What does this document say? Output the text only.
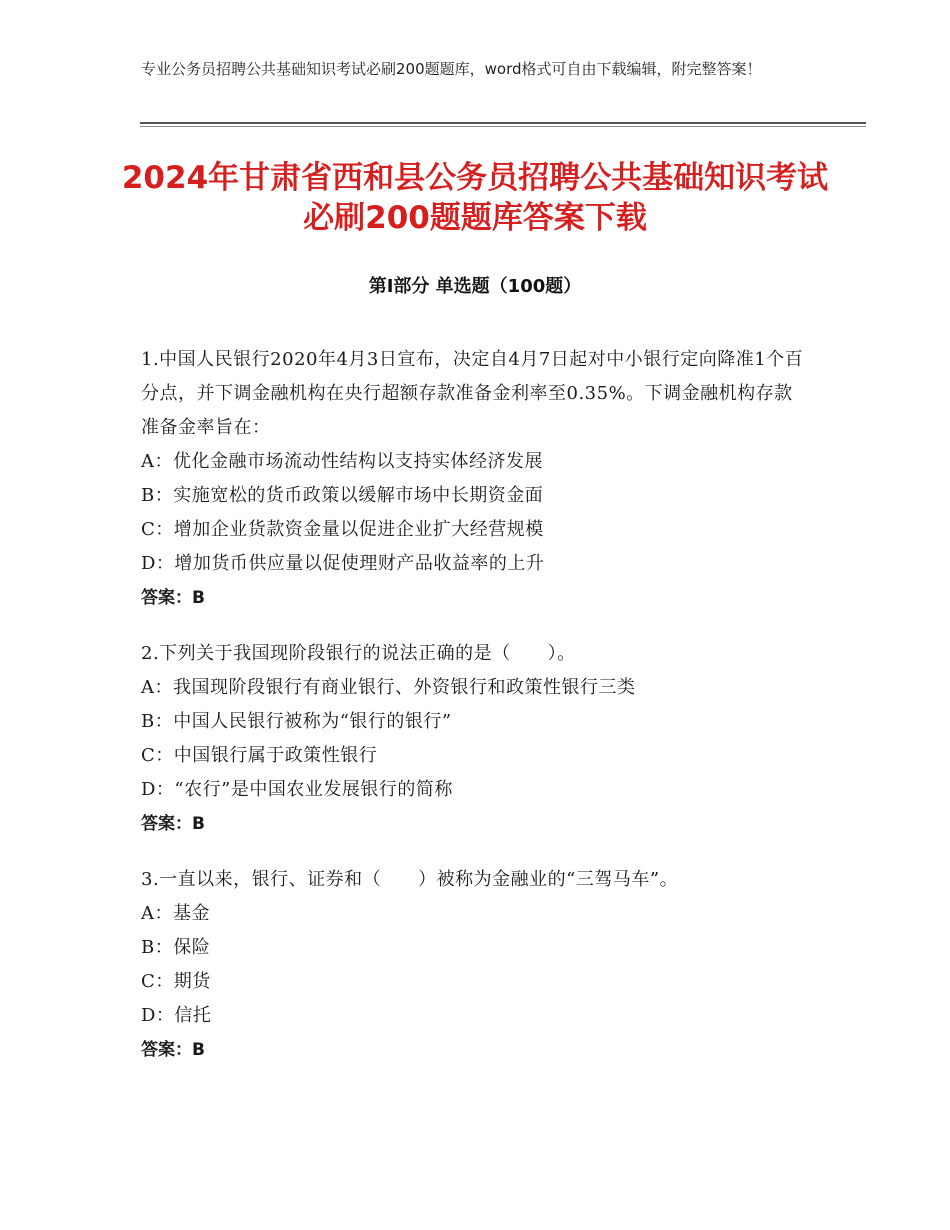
专业公务员招聘公共基础知识考试必刷200题题库，word格式可自由下载编辑，附完整答案！
2024年甘肃省西和县公务员招聘公共基础知识考试必刷200题题库答案下载
第Ⅰ部分 单选题（100题）
1.中国人民银行2020年4月3日宣布，决定自4月7日起对中小银行定向降准1个百分点，并下调金融机构在央行超额存款准备金利率至0.35%。下调金融机构存款准备金率旨在：
A：优化金融市场流动性结构以支持实体经济发展
B：实施宽松的货币政策以缓解市场中长期资金面
C：增加企业货款资金量以促进企业扩大经营规模
D：增加货币供应量以促使理财产品收益率的上升
答案：B
2.下列关于我国现阶段银行的说法正确的是（　　）。
A：我国现阶段银行有商业银行、外资银行和政策性银行三类
B：中国人民银行被称为“银行的银行”
C：中国银行属于政策性银行
D：“农行”是中国农业发展银行的简称
答案：B
3.一直以来，银行、证券和（　　）被称为金融业的“三驾马车”。
A：基金
B：保险
C：期货
D：信托
答案：B
